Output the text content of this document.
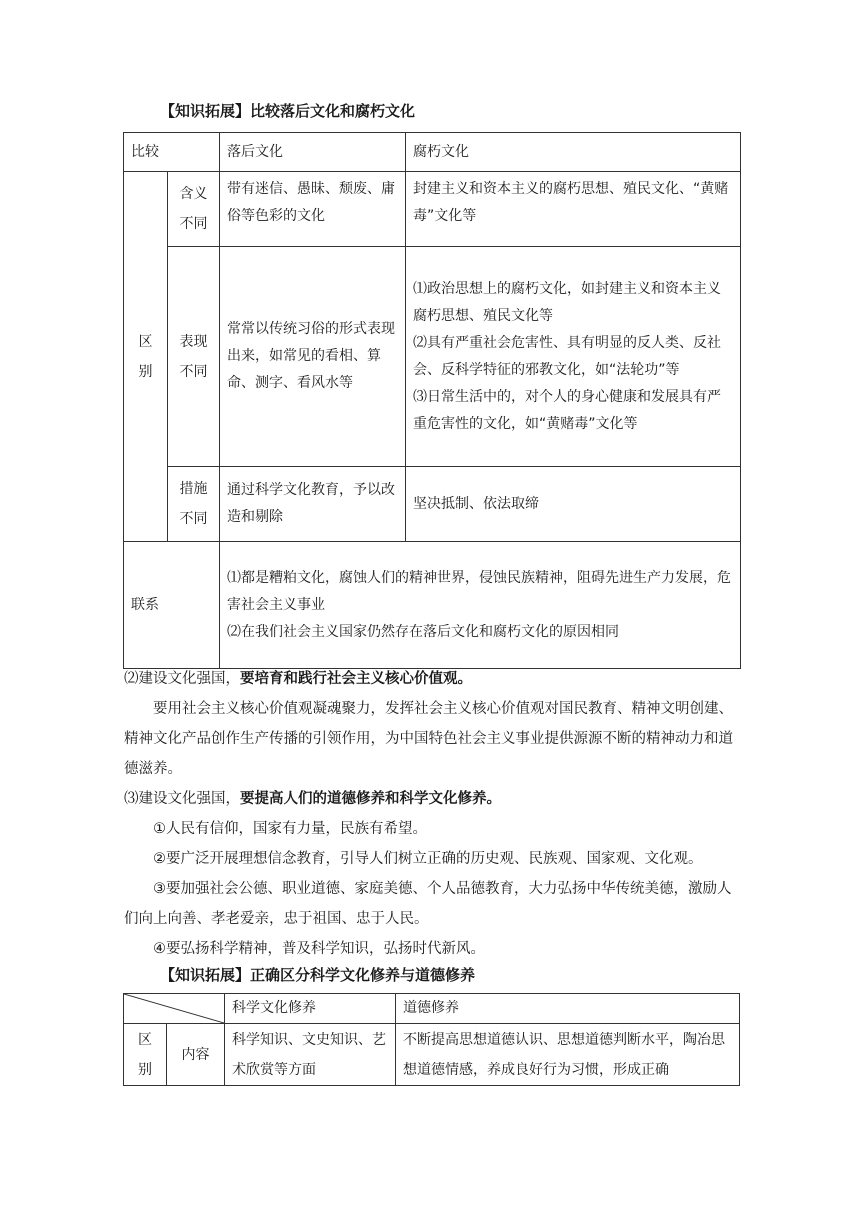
【知识拓展】比较落后文化和腐朽文化
比较		落后文化	腐朽文化
区别	含义不同	带有迷信、愚昧、颓废、庸俗等色彩的文化	封建主义和资本主义的腐朽思想、殖民文化、“黄赌毒”文化等

	表现不同	常常以传统习俗的形式表现出来，如常见的看相、算命、测字、看风水等	⑴政治思想上的腐朽文化，如封建主义和资本主义腐朽思想、殖民文化等
⑵具有严重社会危害性、具有明显的反人类、反社会、反科学特征的邪教文化，如“法轮功”等
⑶日常生活中的，对个人的身心健康和发展具有严重危害性的文化，如“黄赌毒”文化等

	措施不同	通过科学文化教育，予以改造和剔除	坚决抵制、依法取缔

联系		⑴都是糟粕文化，腐蚀人们的精神世界，侵蚀民族精神，阻碍先进生产力发展，危害社会主义事业
⑵在我们社会主义国家仍然存在落后文化和腐朽文化的原因相同	
⑵建设文化强国，要培育和践行社会主义核心价值观。
要用社会主义核心价值观凝魂聚力，发挥社会主义核心价值观对国民教育、精神文明创建、精神文化产品创作生产传播的引领作用，为中国特色社会主义事业提供源源不断的精神动力和道德滋养。
⑶建设文化强国，要提高人们的道德修养和科学文化修养。
①人民有信仰，国家有力量，民族有希望。
②要广泛开展理想信念教育，引导人们树立正确的历史观、民族观、国家观、文化观。
③要加强社会公德、职业道德、家庭美德、个人品德教育，大力弘扬中华传统美德，激励人们向上向善、孝老爱亲，忠于祖国、忠于人民。
④要弘扬科学精神，普及科学知识，弘扬时代新风。
【知识拓展】正确区分科学文化修养与道德修养
	科学文化修养	道德修养
区别	内容	科学知识、文史知识、艺术欣赏等方面	不断提高思想道德认识、思想道德判断水平，陶冶思想道德情感，养成良好行为习惯，形成正确
